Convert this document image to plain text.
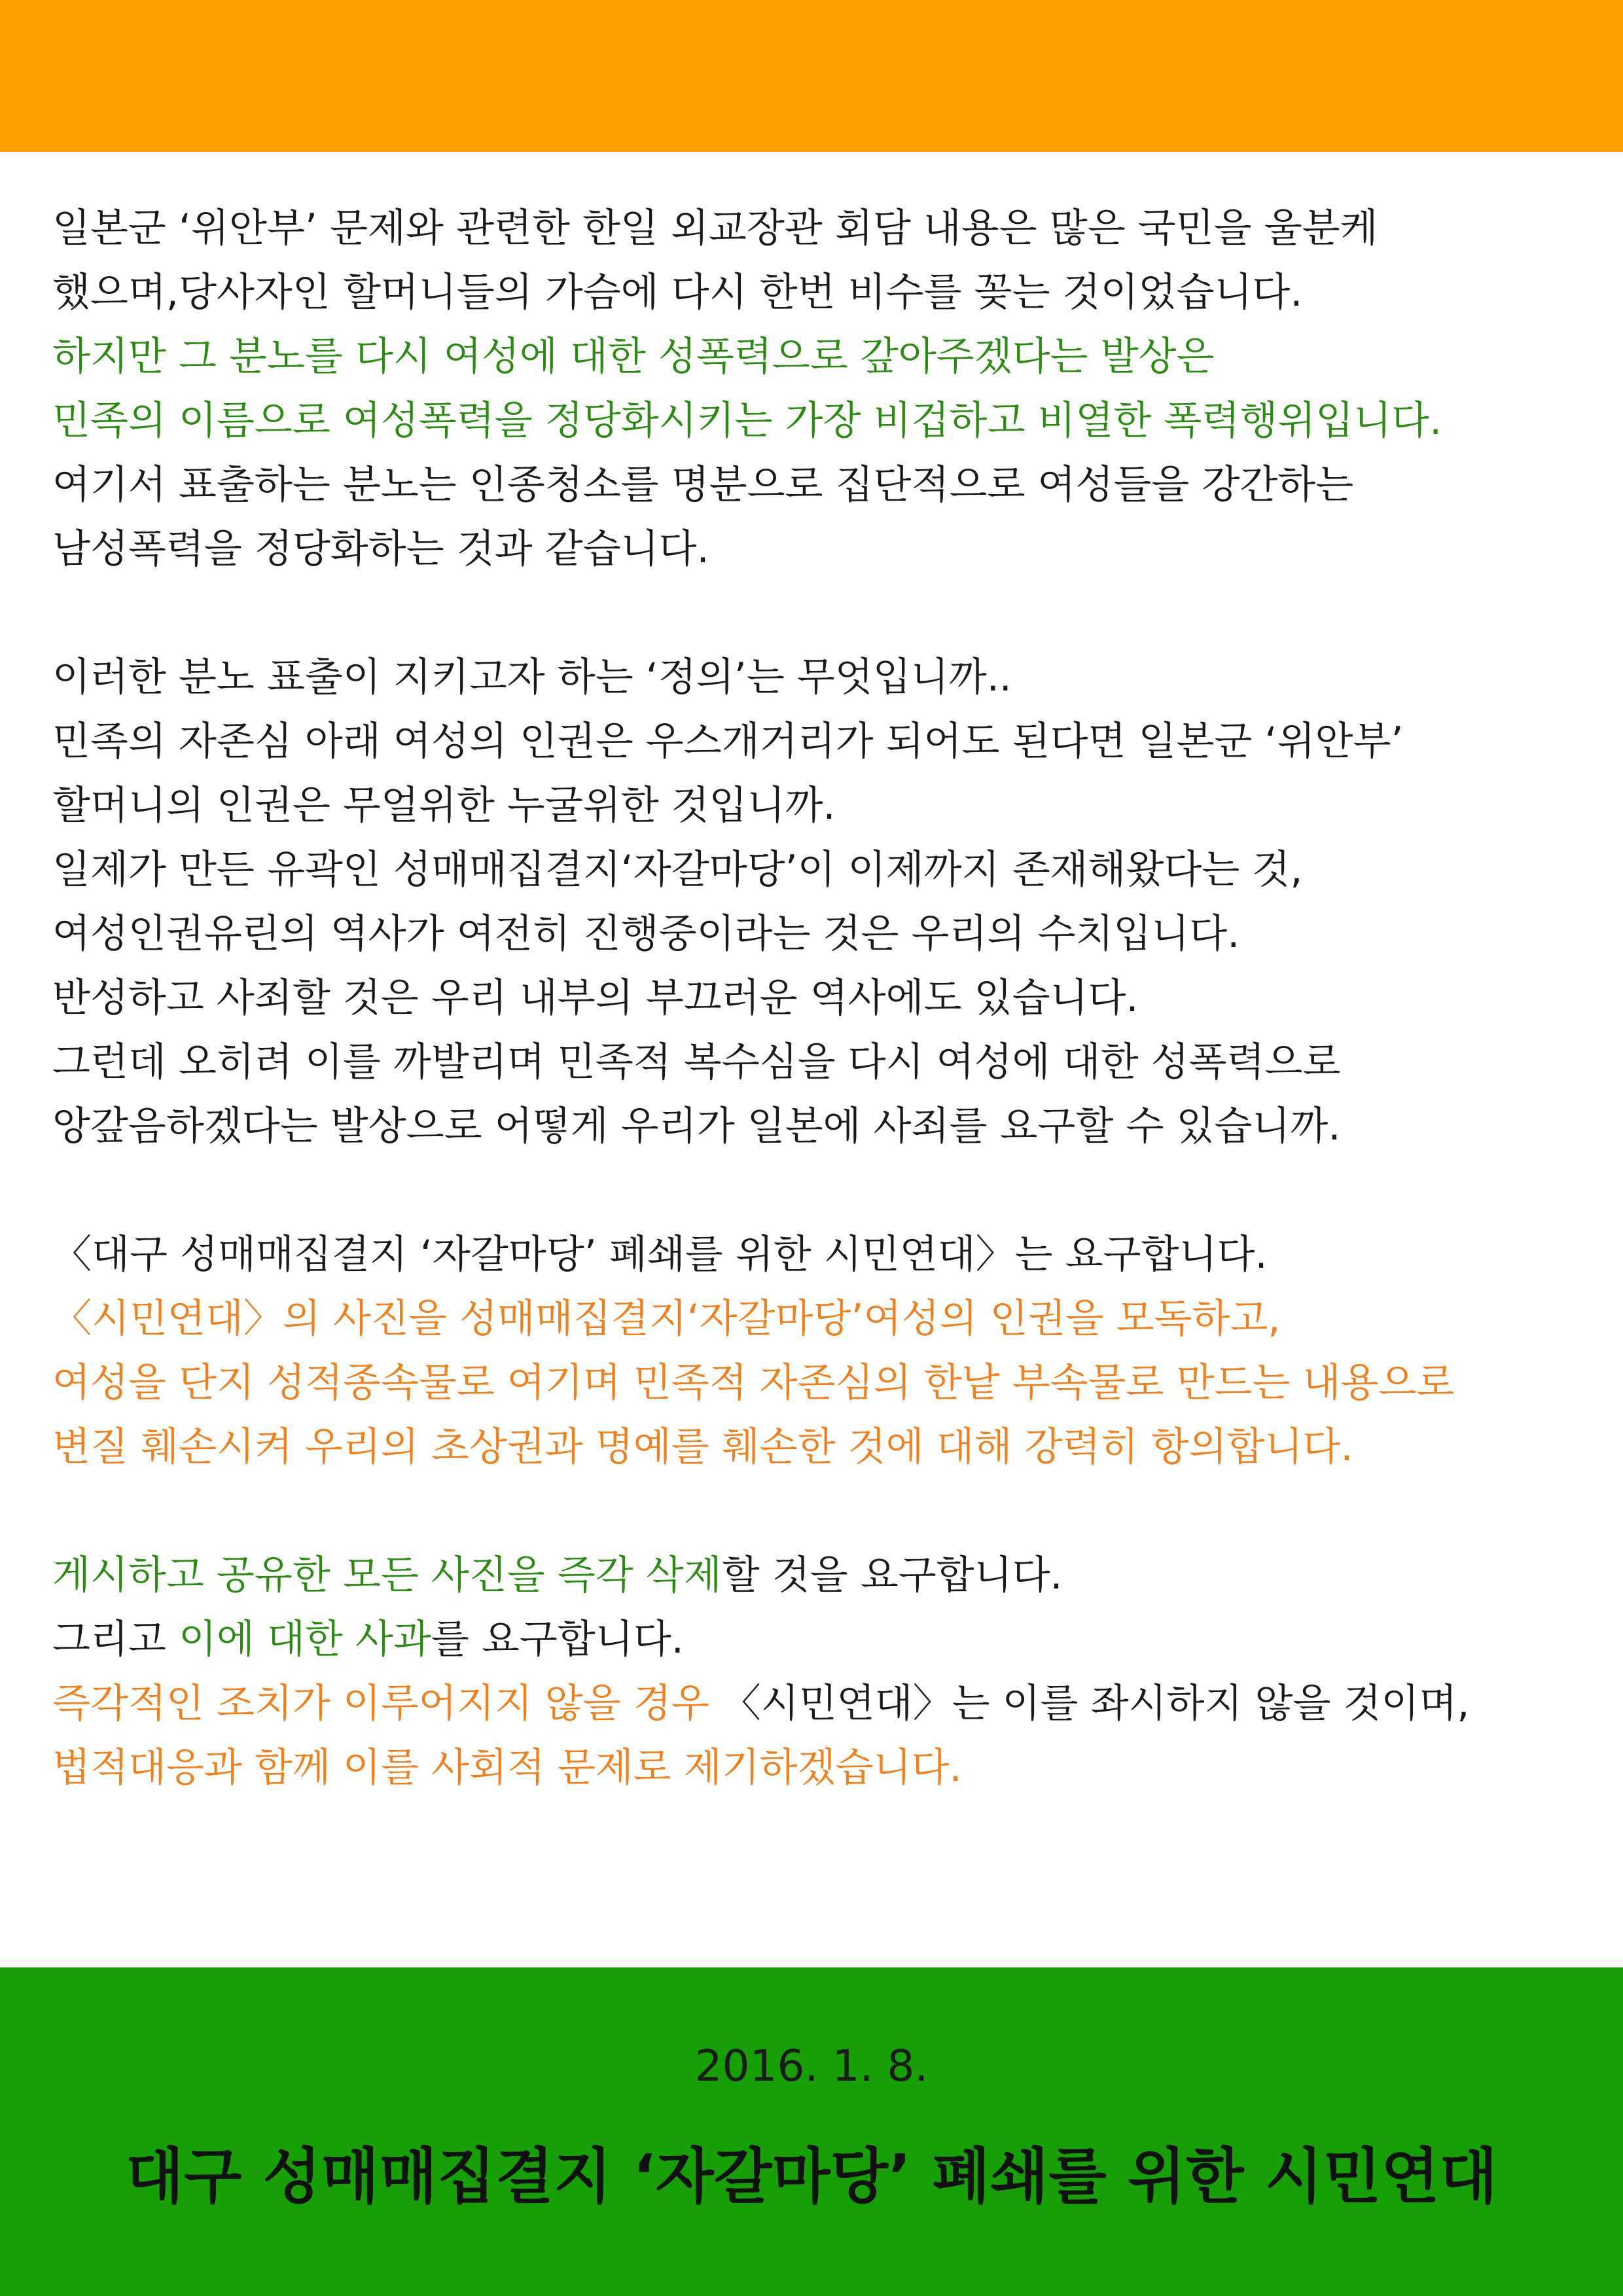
일본군 ‘위안부’ 문제와 관련한 한일 외교장관 회담 내용은 많은 국민을 울분케
했으며,당사자인 할머니들의 가슴에 다시 한번 비수를 꽂는 것이었습니다.
하지만 그 분노를 다시 여성에 대한 성폭력으로 갚아주겠다는 발상은
민족의 이름으로 여성폭력을 정당화시키는 가장 비겁하고 비열한 폭력행위입니다.
여기서 표출하는 분노는 인종청소를 명분으로 집단적으로 여성들을 강간하는
남성폭력을 정당화하는 것과 같습니다.
이러한 분노 표출이 지키고자 하는 ‘정의’는 무엇입니까..
민족의 자존심 아래 여성의 인권은 우스개거리가 되어도 된다면 일본군 ‘위안부’
할머니의 인권은 무얼위한 누굴위한 것입니까.
일제가 만든 유곽인 성매매집결지‘자갈마당’이 이제까지 존재해왔다는 것,
여성인권유린의 역사가 여전히 진행중이라는 것은 우리의 수치입니다.
반성하고 사죄할 것은 우리 내부의 부끄러운 역사에도 있습니다.
그런데 오히려 이를 까발리며 민족적 복수심을 다시 여성에 대한 성폭력으로
앙갚음하겠다는 발상으로 어떻게 우리가 일본에 사죄를 요구할 수 있습니까.
〈대구 성매매집결지 ‘자갈마당’ 폐쇄를 위한 시민연대〉는 요구합니다.
〈시민연대〉의 사진을 성매매집결지‘자갈마당’여성의 인권을 모독하고,
여성을 단지 성적종속물로 여기며 민족적 자존심의 한낱 부속물로 만드는 내용으로
변질 훼손시켜 우리의 초상권과 명예를 훼손한 것에 대해 강력히 항의합니다.
게시하고 공유한 모든 사진을 즉각 삭제할 것을 요구합니다.
그리고 이에 대한 사과를 요구합니다.
즉각적인 조치가 이루어지지 않을 경우 〈시민연대〉는 이를 좌시하지 않을 것이며,
법적대응과 함께 이를 사회적 문제로 제기하겠습니다.
2016. 1. 8.
대구 성매매집결지 ‘자갈마당’ 폐쇄를 위한 시민연대
